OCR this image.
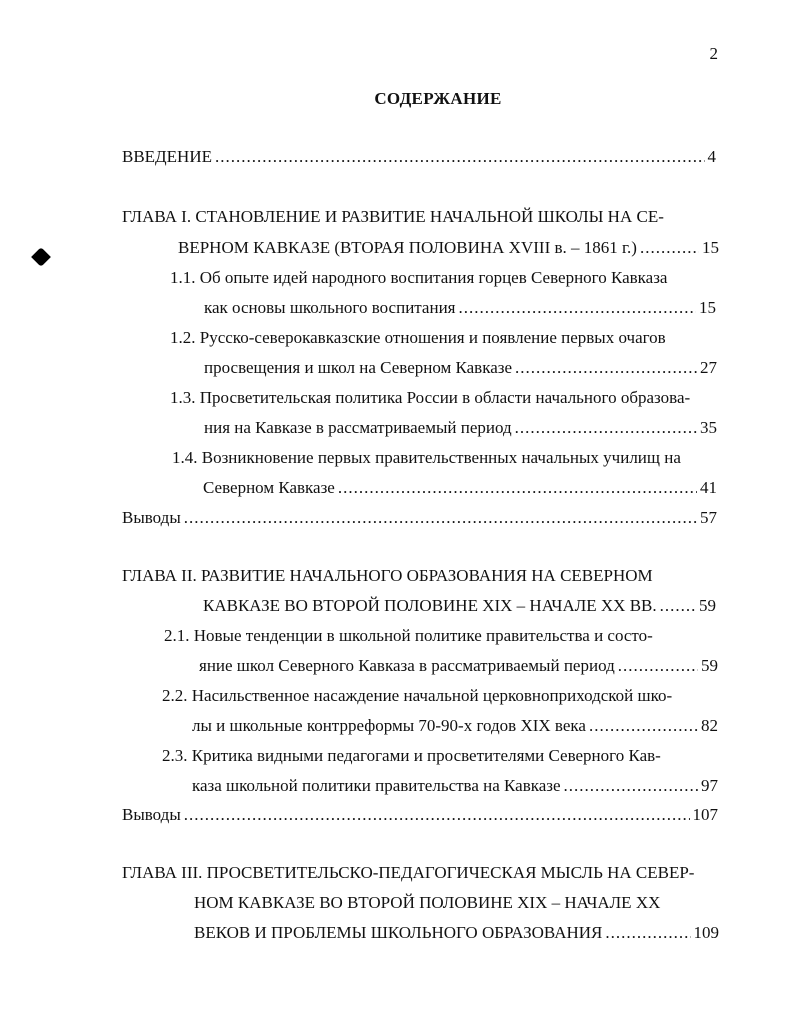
2
СОДЕРЖАНИЕ
ВВЕДЕНИЕ .....	4
ГЛАВА I. СТАНОВЛЕНИЕ И РАЗВИТИЕ НАЧАЛЬНОЙ ШКОЛЫ НА СЕ-
ВЕРНОМ КАВКАЗЕ (ВТОРАЯ ПОЛОВИНА XVIII в. – 1861 г.) .....	15
1.1. Об опыте идей народного воспитания горцев Северного Кавказа
как основы школьного воспитания .....	15
1.2. Русско-северокавказские отношения и появление первых очагов
просвещения и школ на Северном Кавказе .....	27
1.3. Просветительская политика России в области начального образова-
ния на Кавказе в рассматриваемый период .....	35
1.4. Возникновение первых правительственных начальных училищ на
Северном Кавказе .....	41
Выводы .....	57
ГЛАВА II. РАЗВИТИЕ НАЧАЛЬНОГО ОБРАЗОВАНИЯ НА СЕВЕРНОМ
КАВКАЗЕ ВО ВТОРОЙ ПОЛОВИНЕ XIX – НАЧАЛЕ XX ВВ. ..... 59
2.1. Новые тенденции в школьной политике правительства и состо-
яние школ Северного Кавказа в рассматриваемый период .....	59
2.2. Насильственное насаждение начальной церковноприходской шко-
лы и школьные контрреформы 70-90-х годов XIX века .....	82
2.3. Критика видными педагогами и просветителями Северного Кав-
каза школьной политики правительства на Кавказе .....	97
Выводы .....	107
ГЛАВА III. ПРОСВЕТИТЕЛЬСКО-ПЕДАГОГИЧЕСКАЯ МЫСЛЬ НА СЕВЕР-
НОМ КАВКАЗЕ ВО ВТОРОЙ ПОЛОВИНЕ XIX – НАЧАЛЕ XX
ВЕКОВ И ПРОБЛЕМЫ ШКОЛЬНОГО ОБРАЗОВАНИЯ .....	109
